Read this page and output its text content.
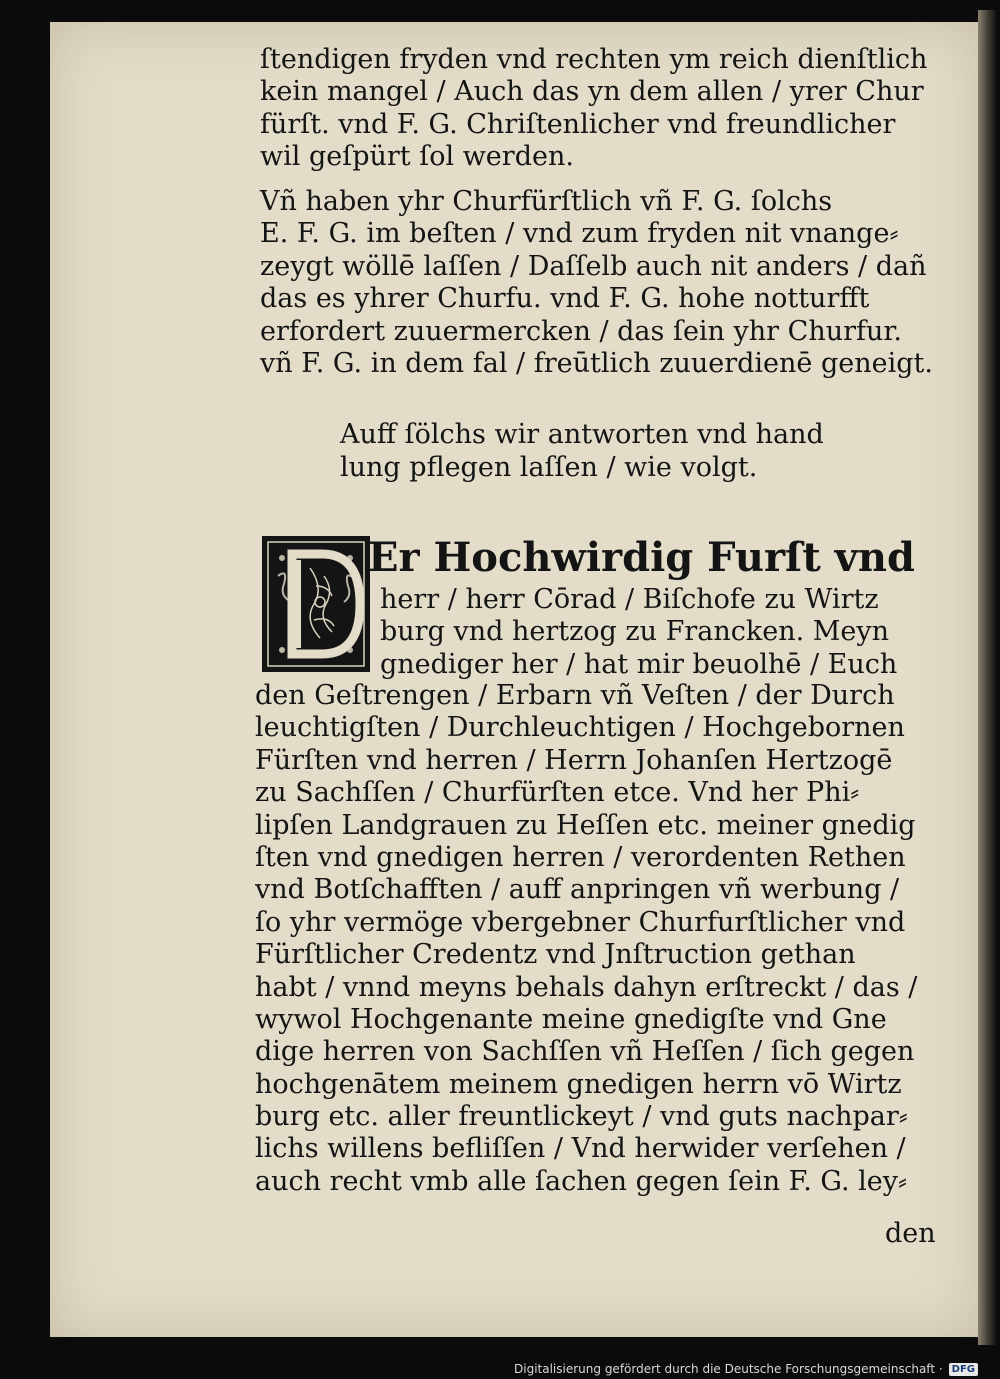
ſtendigen fryden vnd rechten ym reich dienſtlich
kein mangel / Auch das yn dem allen / yrer Chur
fürſt. vnd F. G. Chriſtenlicher vnd freundlicher
wil geſpürt ſol werden.
Vñ haben yhr Churfürſtlich vñ F. G. ſolchs
E. F. G. im beſten / vnd zum fryden nit vnange⸗
zeygt wöllē laſſen / Daſſelb auch nit anders / dañ
das es yhrer Churfu. vnd F. G. hohe notturfft
erfordert zuuermercken / das ſein yhr Churfur.
vñ F. G. in dem fal / freūtlich zuuerdienē geneigt.
Auff ſölchs wir antworten vnd hand
lung pflegen laſſen / wie volgt.
Er Hochwirdig Furſt vnd
herr / herr Cōrad / Biſchofe zu Wirtz
burg vnd hertzog zu Francken. Meyn
gnediger her / hat mir beuolhē / Euch
den Geſtrengen / Erbarn vñ Veſten / der Durch
leuchtigſten / Durchleuchtigen / Hochgebornen
Fürſten vnd herren / Herrn Johanſen Hertzogē
zu Sachſſen / Churfürſten etce. Vnd her Phi⸗
lipſen Landgrauen zu Heſſen etc. meiner gnedig
ſten vnd gnedigen herren / verordenten Rethen
vnd Botſchafften / auff anpringen vñ werbung /
ſo yhr vermöge vbergebner Churfurſtlicher vnd
Fürſtlicher Credentz vnd Jnſtruction gethan
habt / vnnd meyns behals dahyn erſtreckt / das /
wywol Hochgenante meine gnedigſte vnd Gne
dige herren von Sachſſen vñ Heſſen / ſich gegen
hochgenātem meinem gnedigen herrn vō Wirtz
burg etc. aller freuntlickeyt / vnd guts nachpar⸗
lichs willens befliſſen / Vnd herwider verſehen /
auch recht vmb alle ſachen gegen ſein F. G. ley⸗
den
Digitalisierung gefördert durch die Deutsche Forschungsgemeinschaft · DFG
